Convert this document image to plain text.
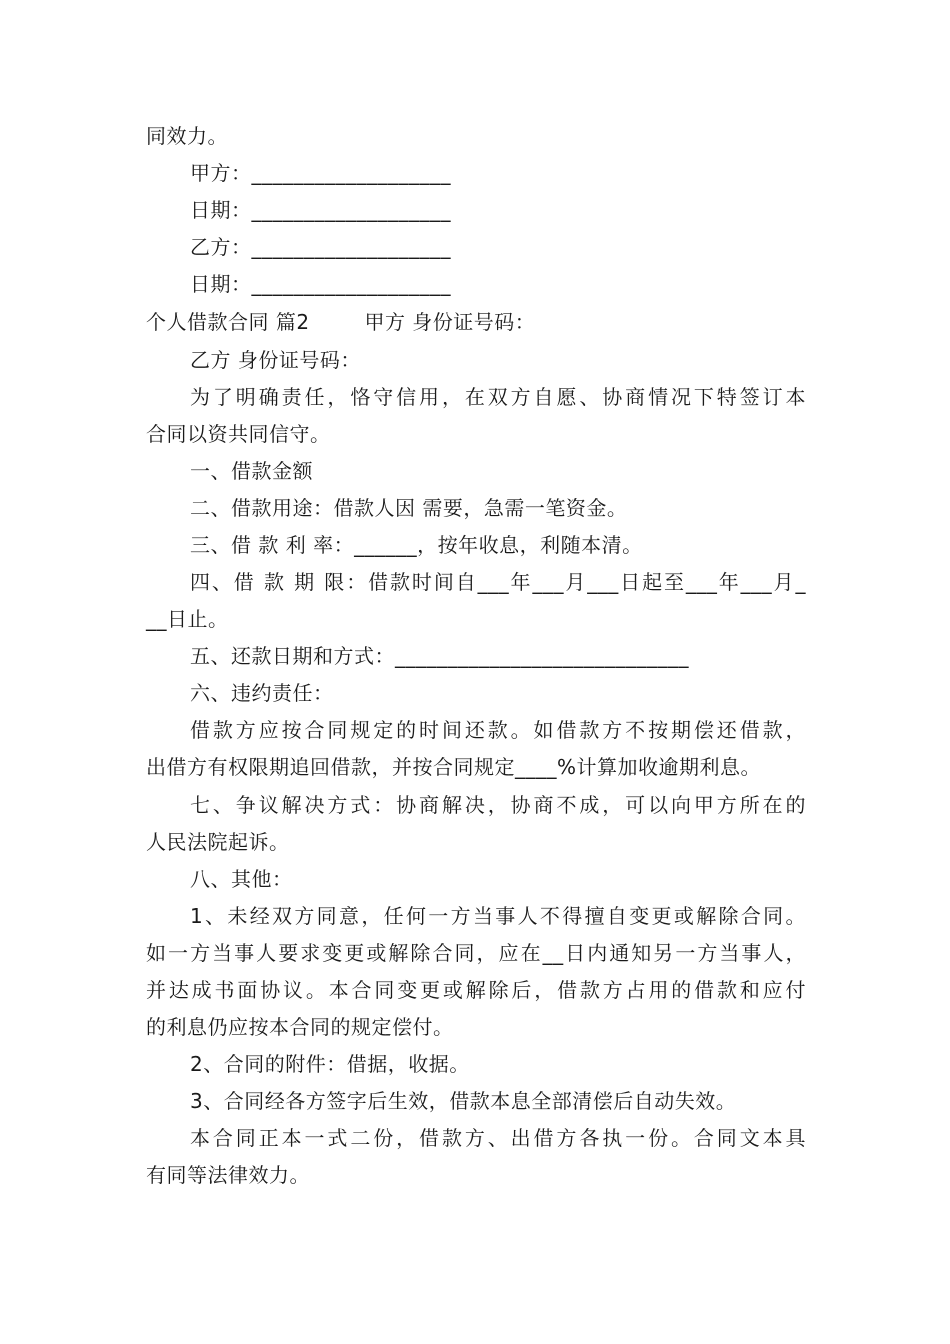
同效力。
甲方：___________________
日期：___________________
乙方：___________________
日期：___________________
个人借款合同 篇2        甲方 身份证号码：
乙方 身份证号码：
为了明确责任，恪守信用，在双方自愿、协商情况下特签订本
合同以资共同信守。
一、借款金额
二、借款用途：借款人因 需要，急需一笔资金。
三、借 款 利 率：______，按年收息，利随本清。
四、借 款 期 限：借款时间自___年___月___日起至___年___月_
__日止。
五、还款日期和方式：____________________________
六、违约责任：
借款方应按合同规定的时间还款。如借款方不按期偿还借款，
出借方有权限期追回借款，并按合同规定____%计算加收逾期利息。
七、争议解决方式：协商解决，协商不成，可以向甲方所在的
人民法院起诉。
八、其他：
1、未经双方同意，任何一方当事人不得擅自变更或解除合同。
如一方当事人要求变更或解除合同，应在__日内通知另一方当事人，
并达成书面协议。本合同变更或解除后，借款方占用的借款和应付
的利息仍应按本合同的规定偿付。
2、合同的附件：借据，收据。
3、合同经各方签字后生效，借款本息全部清偿后自动失效。
本合同正本一式二份，借款方、出借方各执一份。合同文本具
有同等法律效力。
